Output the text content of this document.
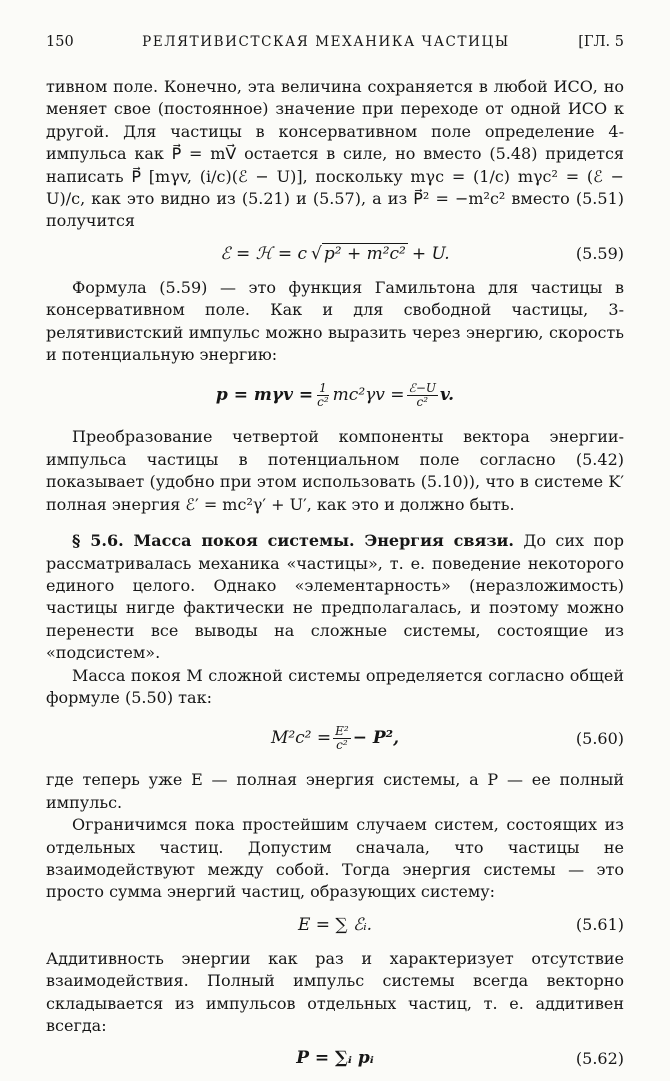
150	РЕЛЯТИВИСТСКАЯ МЕХАНИКА ЧАСТИЦЫ	[ГЛ. 5

тивном поле. Конечно, эта величина сохраняется в любой ИСО, но меняет свое (постоянное) значение при переходе от одной ИСО к другой. Для частицы в консервативном поле определение 4-импульса как P⃗ = mV⃗ остается в силе, но вместо (5.48) придется написать P⃗ [mγv, (i/c)(ℰ − U)], поскольку mγc = (1/c) mγc² = (ℰ − U)/c, как это видно из (5.21) и (5.57), а из P⃗² = −m²c² вместо (5.51) получится

ℰ = ℋ = c √ p² + m²c² + U.	(5.59)

Формула (5.59) — это функция Гамильтона для частицы в консервативном поле. Как и для свободной частицы, 3-релятивистский импульс можно выразить через энергию, скорость и потенциальную энергию:

$p = m\gamma v = \frac{1}{\text{c²}} mc^2\gamma v = \frac{\text{ℰ−U}}{\text{c²}} v$.

Преобразование четвертой компоненты вектора энергии-импульса частицы в потенциальном поле согласно (5.42) показывает (удобно при этом использовать (5.10)), что в системе K′ полная энергия ℰ′ = mc²γ′ + U′, как это и должно быть.

§ 5.6. Масса покоя системы. Энергия связи. До сих пор рассматривалась механика «частицы», т. е. поведение некоторого единого целого. Однако «элементарность» (неразложимость) частицы нигде фактически не предполагалась, и поэтому можно перенести все выводы на сложные системы, состоящие из «подсистем».

Масса покоя M сложной системы определяется согласно общей формуле (5.50) так:

$M^2c^2 = \frac{\text{E²}}{\text{c²}} - P^2$,	(5.60)

где теперь уже E — полная энергия системы, а P — ее полный импульс.

Ограничимся пока простейшим случаем систем, состоящих из отдельных частиц. Допустим сначала, что частицы не взаимодействуют между собой. Тогда энергия системы — это просто сумма энергий частиц, образующих систему:

E = ∑ ℰᵢ.	(5.61)

Аддитивность энергии как раз и характеризует отсутствие взаимодействия. Полный импульс системы всегда векторно складывается из импульсов отдельных частиц, т. е. аддитивен всегда:

P = ∑ᵢ pᵢ	(5.62)
